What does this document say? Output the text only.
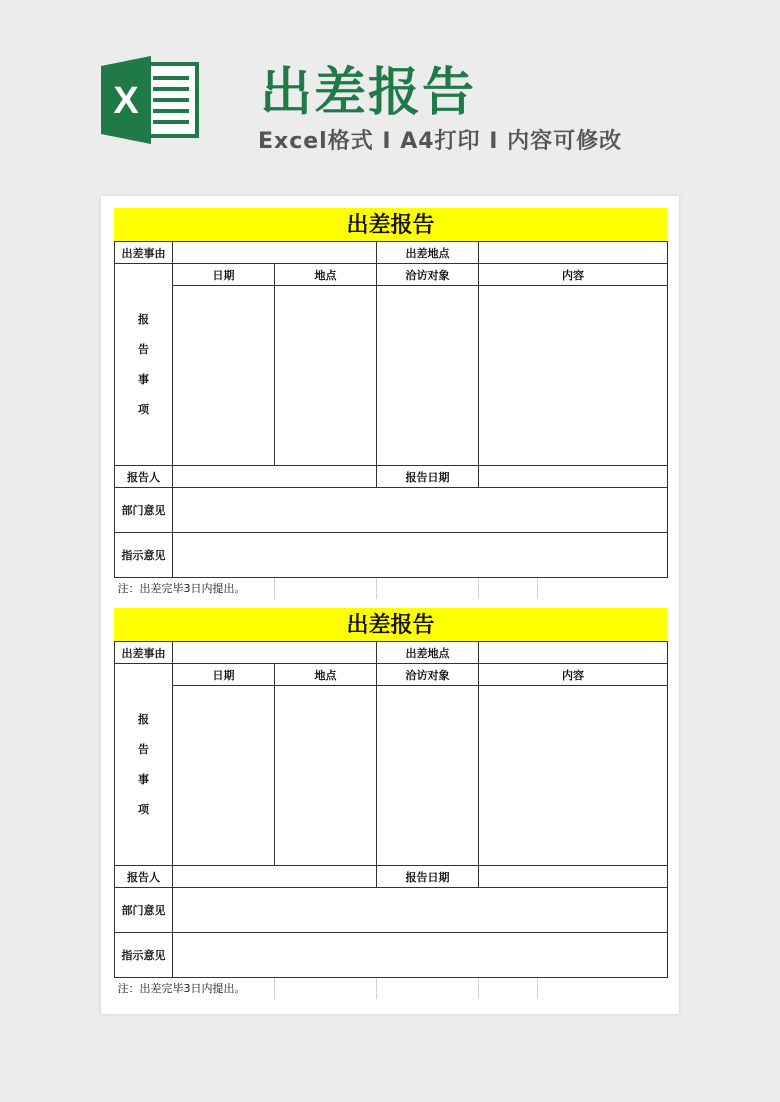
X 出差报告
Excel格式 I A4打印 I 内容可修改
出差报告
出差事由			出差地点		

报
告
事
项	日期	地点	洽访对象	内容	

报告人			报告日期		
部门意见					
指示意见					
注：出差完毕3日内提出。					
出差报告
出差事由			出差地点		

报
告
事
项	日期	地点	洽访对象	内容	

报告人			报告日期		
部门意见					
指示意见					
注：出差完毕3日内提出。					
